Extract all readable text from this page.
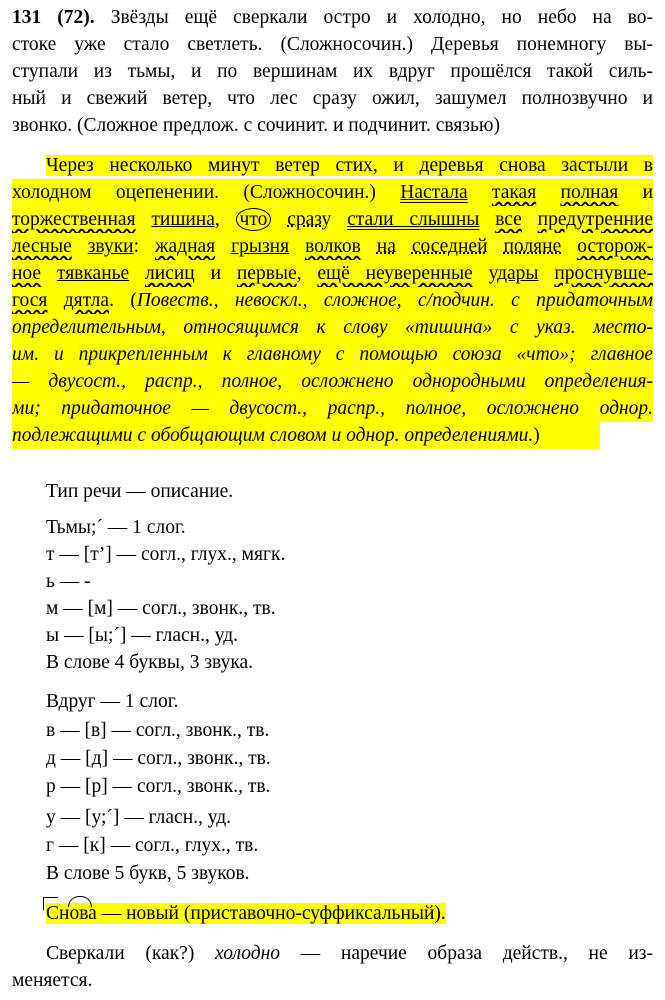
131 (72). Звёзды ещё сверкали остро и холодно, но небо на во-
стоке уже стало светлеть. (Сложносочин.) Деревья понемногу вы-
ступали из тьмы, и по вершинам их вдруг прошёлся такой силь-
ный и свежий ветер, что лес сразу ожил, зашумел полнозвучно и
звонко. (Сложное предлож. с сочинит. и подчинит. связью)
Через несколько минут ветер стих, и деревья снова застыли в
холодном оцепенении. (Сложносочин.) Настала такая полная и
торжественная тишина, что сразу стали слышны все предутренние
лесные звуки: жадная грызня волков на соседней поляне осторож-
ное тявканье лисиц и первые, ещё неуверенные удары проснувше-
гося дятла. (Повеств., невоскл., сложное, с/подчин. с придаточным
определительным, относящимся к слову «тишина» с указ. место-
им. и прикрепленным к главному с помощью союза «что»; главное
— двусост., распр., полное, осложнено однородными определения-
ми; придаточное — двусост., распр., полное, осложнено однор.
подлежащими с обобщающим словом и однор. определениями.)
Тип речи — описание.
Тьмы;´ — 1 слог.
т — [т’] — согл., глух., мягк.
ь — -
м — [м] — согл., звонк., тв.
ы — [ы;´] — гласн., уд.
В слове 4 буквы, 3 звука.
Вдруг — 1 слог.
в — [в] — согл., звонк., тв.
д — [д] — согл., звонк., тв.
р — [р] — согл., звонк., тв.
у — [у;´] — гласн., уд.
г — [к] — согл., глух., тв.
В слове 5 букв, 5 звуков.
Снова — новый (приставочно-суффиксальный).
Сверкали (как?) холодно — наречие образа действ., не из-
меняется.
